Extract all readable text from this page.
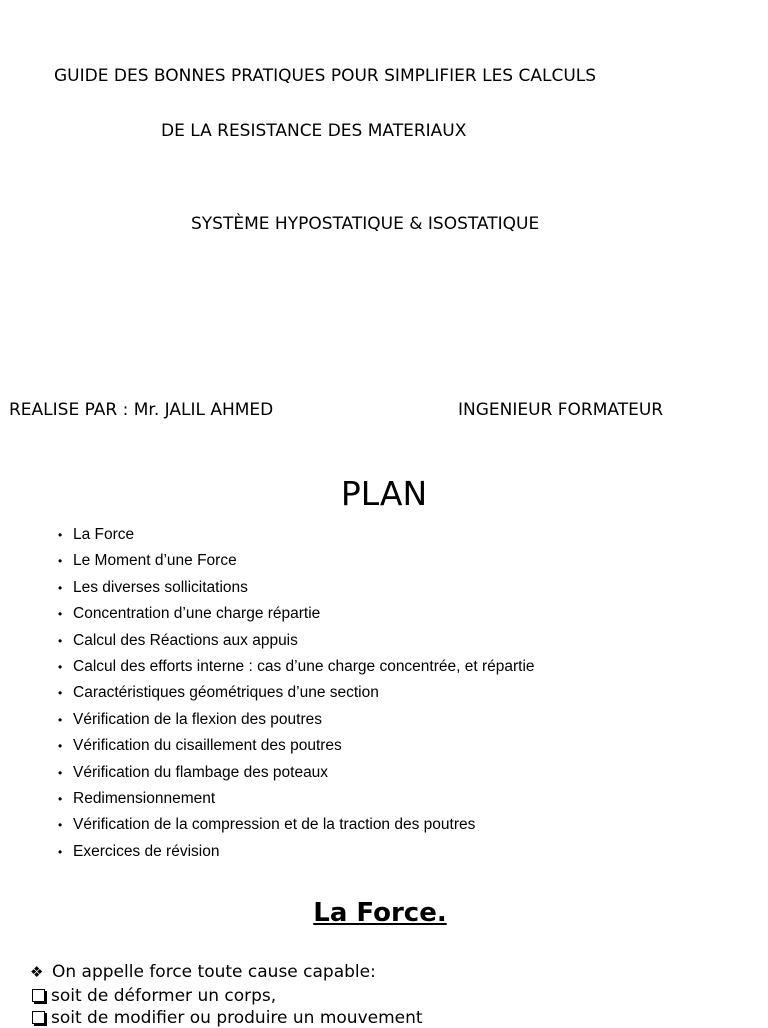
GUIDE DES BONNES PRATIQUES POUR SIMPLIFIER LES CALCULS
DE LA RESISTANCE DES MATERIAUX
SYSTÈME HYPOSTATIQUE & ISOSTATIQUE
REALISE PAR : Mr. JALIL AHMED	INGENIEUR FORMATEUR
PLAN
• La Force
• Le Moment d’une Force
• Les diverses sollicitations
• Concentration d’une charge répartie
• Calcul des Réactions aux appuis
• Calcul des efforts interne : cas d’une charge concentrée, et répartie
• Caractéristiques géométriques d’une section
• Vérification de la flexion des poutres
• Vérification du cisaillement des poutres
• Vérification du flambage des poteaux
• Redimensionnement
• Vérification de la compression et de la traction des poutres
• Exercices de révision
La Force.
❖ On appelle force toute cause capable:
soit de déformer un corps,
soit de modifier ou produire un mouvement
